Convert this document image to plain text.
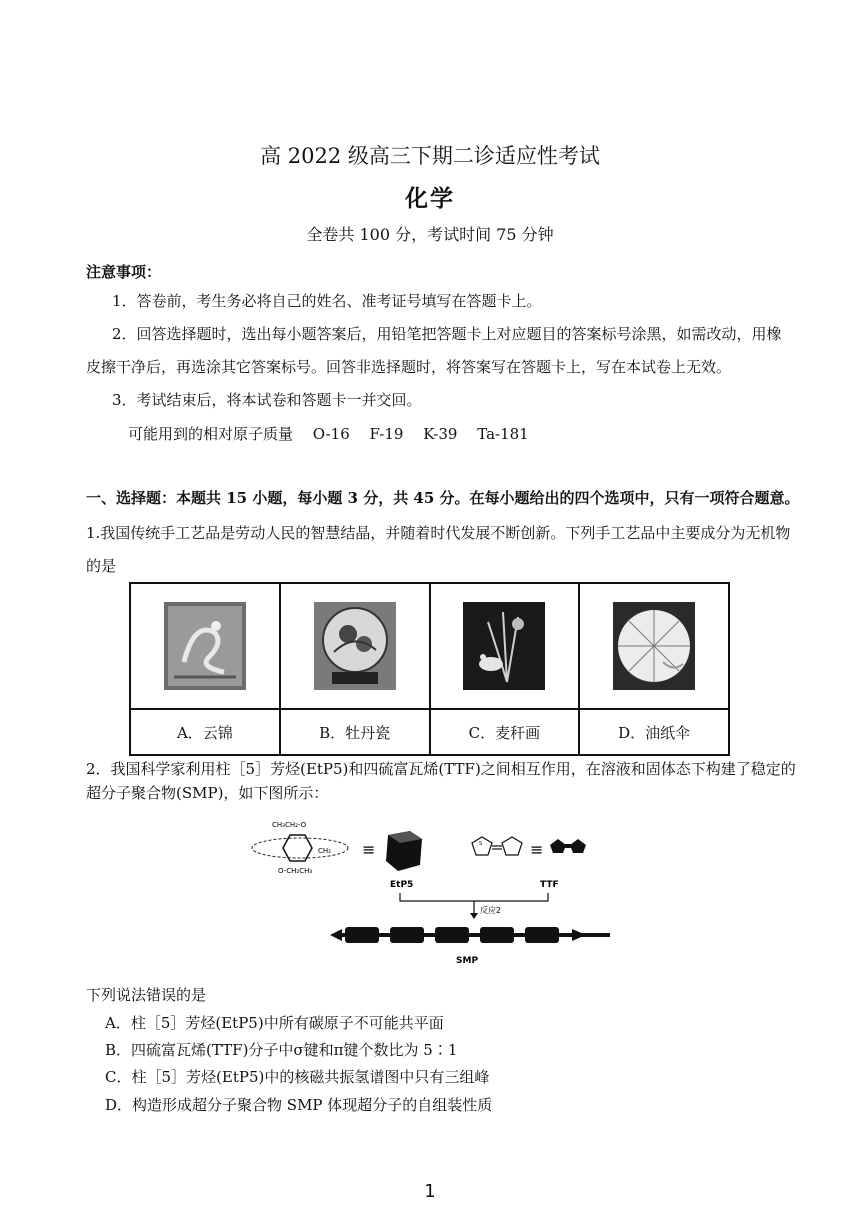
高 2022 级高三下期二诊适应性考试
化学
全卷共 100 分，考试时间 75 分钟
注意事项：
1．答卷前，考生务必将自己的姓名、准考证号填写在答题卡上。
2．回答选择题时，选出每小题答案后，用铅笔把答题卡上对应题目的答案标号涂黑，如需改动，用橡
皮擦干净后，再选涂其它答案标号。回答非选择题时，将答案写在答题卡上，写在本试卷上无效。
3．考试结束后，将本试卷和答题卡一并交回。
可能用到的相对原子质量　 O-16　 F-19　 K-39　 Ta-181
一、选择题：本题共 15 小题，每小题 3 分，共 45 分。在每小题给出的四个选项中，只有一项符合题意。
1.我国传统手工艺品是劳动人民的智慧结晶，并随着时代发展不断创新。下列手工艺品中主要成分为无机物
的是

A．云锦	B．牡丹瓷	C．麦秆画	D．油纸伞
2．我国科学家利用柱［5］芳烃(EtP5)和四硫富瓦烯(TTF)之间相互作用，在溶液和固体态下构建了稳定的
超分子聚合物(SMP)，如下图所示：
CH₃CH₂-O
CH₂
O-CH₂CH₃
≡
EtP5
S	≡
TTF
反应2
SMP
下列说法错误的是
A．柱［5］芳烃(EtP5)中所有碳原子不可能共平面
B．四硫富瓦烯(TTF)分子中σ键和π键个数比为 5∶1
C．柱［5］芳烃(EtP5)中的核磁共振氢谱图中只有三组峰
D．构造形成超分子聚合物 SMP 体现超分子的自组装性质
1
